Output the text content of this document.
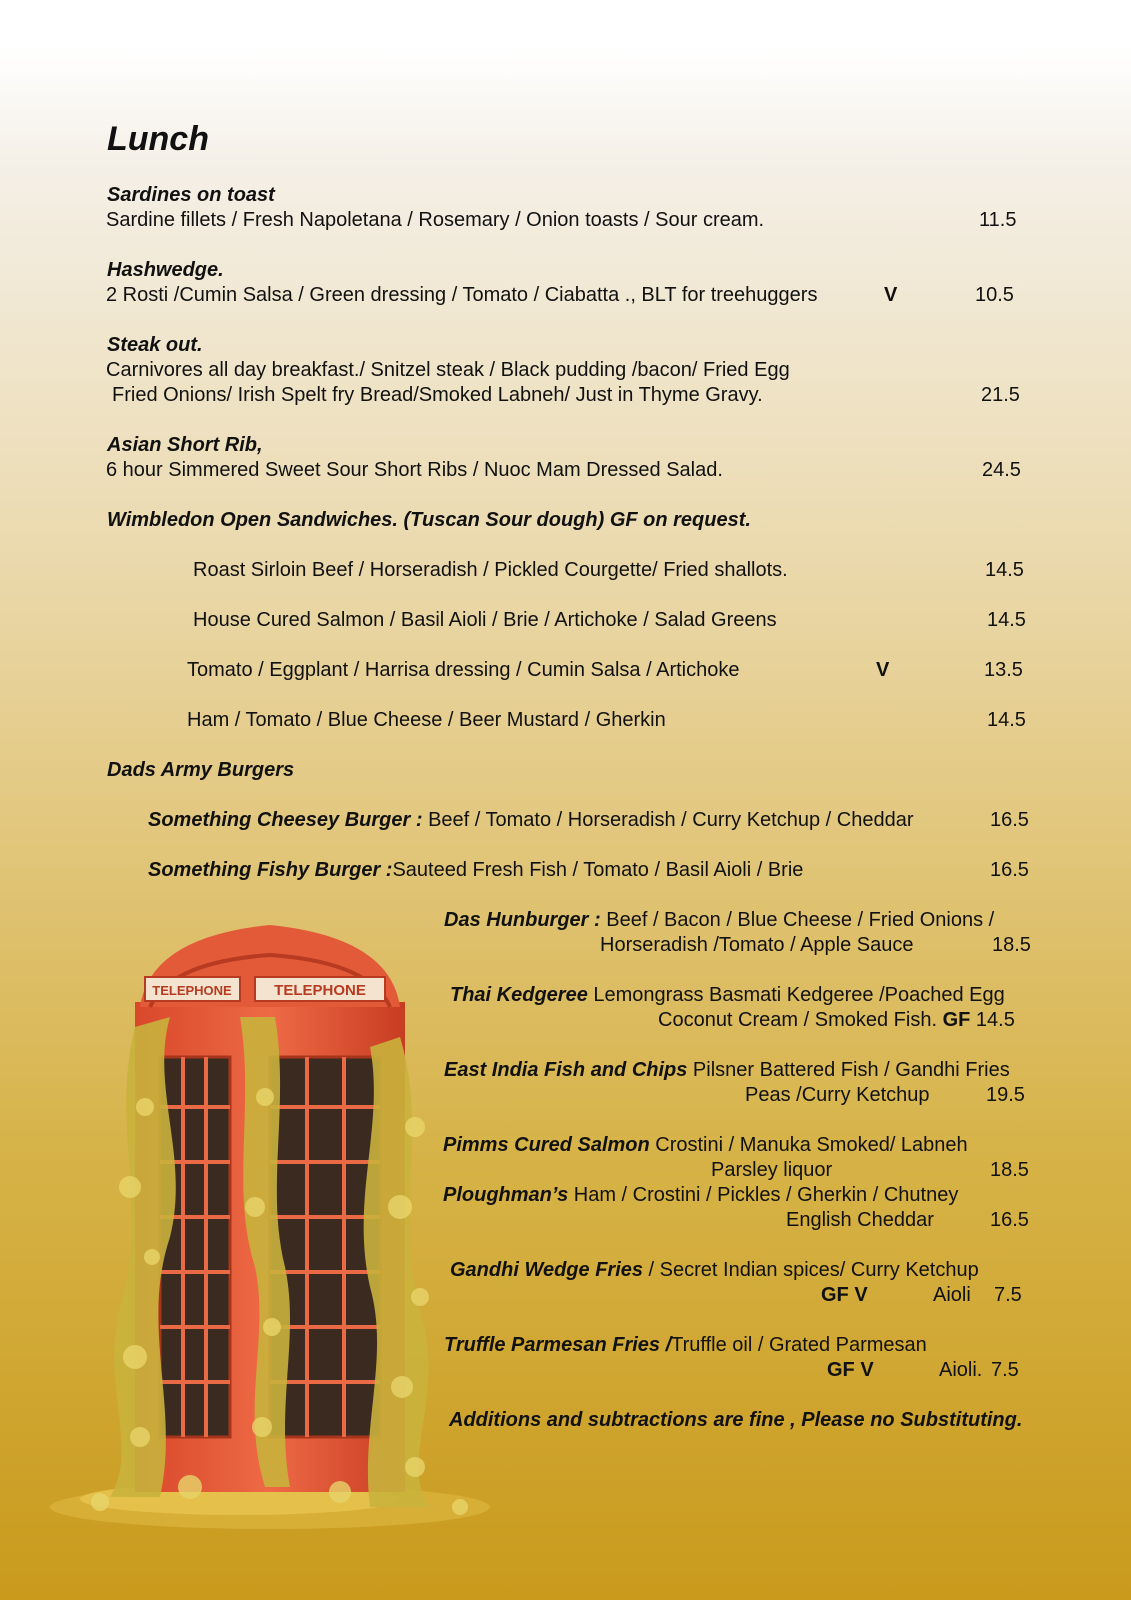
Lunch
Sardines on toast
Sardine fillets / Fresh Napoletana / Rosemary / Onion toasts / Sour cream.	11.5
Hashwedge.
2 Rosti /Cumin Salsa / Green dressing / Tomato / Ciabatta ., BLT for treehuggers	V	10.5
Steak out.
Carnivores all day breakfast./ Snitzel steak / Black pudding /bacon/ Fried Egg
Fried Onions/ Irish Spelt fry Bread/Smoked Labneh/ Just in Thyme Gravy.	21.5
Asian Short Rib,
6 hour Simmered Sweet Sour Short Ribs / Nuoc Mam Dressed Salad.	24.5
Wimbledon Open Sandwiches. (Tuscan Sour dough) GF on request.
Roast Sirloin Beef / Horseradish / Pickled Courgette/ Fried shallots.	14.5
House Cured Salmon / Basil Aioli / Brie / Artichoke / Salad Greens	14.5
Tomato / Eggplant / Harrisa dressing / Cumin Salsa / Artichoke	V	13.5
Ham / Tomato / Blue Cheese / Beer Mustard / Gherkin	14.5
Dads Army Burgers
Something Cheesey Burger : Beef / Tomato / Horseradish / Curry Ketchup / Cheddar	16.5
Something Fishy Burger :Sauteed Fresh Fish / Tomato / Basil Aioli / Brie	16.5
Das Hunburger : Beef / Bacon / Blue Cheese / Fried Onions /
Horseradish /Tomato / Apple Sauce	18.5
Thai Kedgeree Lemongrass Basmati Kedgeree /Poached Egg
Coconut Cream / Smoked Fish. GF 14.5
East India Fish and Chips Pilsner Battered Fish / Gandhi Fries
Peas /Curry Ketchup	19.5
Pimms Cured Salmon Crostini / Manuka Smoked/ Labneh
Parsley liquor	18.5
Ploughman’s Ham / Crostini / Pickles / Gherkin / Chutney
English Cheddar	16.5
Gandhi Wedge Fries / Secret Indian spices/ Curry Ketchup
GF V	Aioli 7.5
Truffle Parmesan Fries /Truffle oil / Grated Parmesan
GF V	Aioli. 7.5
Additions and subtractions are fine , Please no Substituting.
TELEPHONE	TELEPHONE
